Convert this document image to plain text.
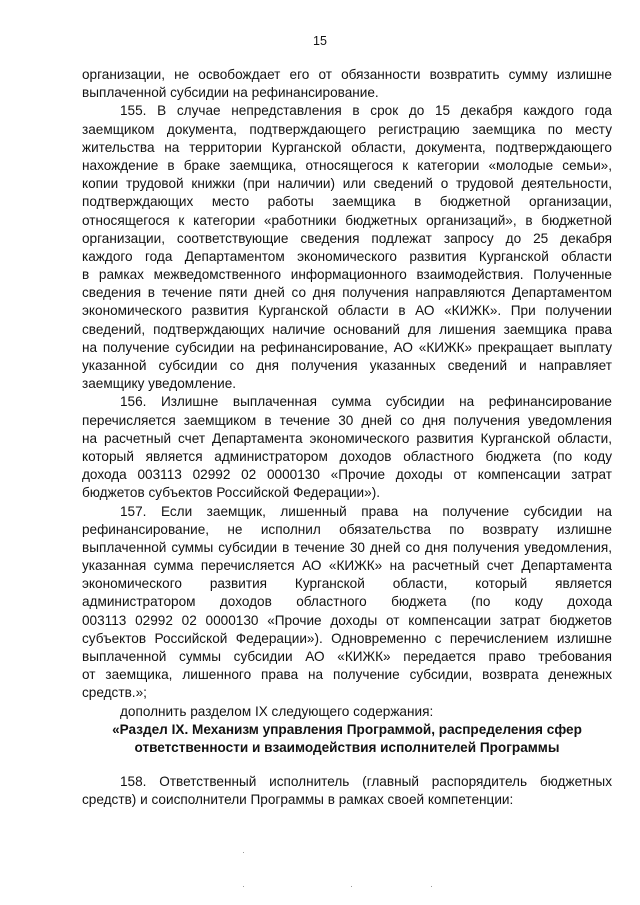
15
организации, не освобождает его от обязанности возвратить сумму излишне
выплаченной субсидии на рефинансирование.
155. В случае непредставления в срок до 15 декабря каждого года
заемщиком документа, подтверждающего регистрацию заемщика по месту
жительства на территории Курганской области, документа, подтверждающего
нахождение в браке заемщика, относящегося к категории «молодые семьи»,
копии трудовой книжки (при наличии) или сведений о трудовой деятельности,
подтверждающих место работы заемщика в бюджетной организации,
относящегося к категории «работники бюджетных организаций», в бюджетной
организации, соответствующие сведения подлежат запросу до 25 декабря
каждого года Департаментом экономического развития Курганской области
в рамках межведомственного информационного взаимодействия. Полученные
сведения в течение пяти дней со дня получения направляются Департаментом
экономического развития Курганской области в АО «КИЖК». При получении
сведений, подтверждающих наличие оснований для лишения заемщика права
на получение субсидии на рефинансирование, АО «КИЖК» прекращает выплату
указанной субсидии со дня получения указанных сведений и направляет
заемщику уведомление.
156. Излишне выплаченная сумма субсидии на рефинансирование
перечисляется заемщиком в течение 30 дней со дня получения уведомления
на расчетный счет Департамента экономического развития Курганской области,
который является администратором доходов областного бюджета (по коду
дохода 003113 02992 02 0000130 «Прочие доходы от компенсации затрат
бюджетов субъектов Российской Федерации»).
157. Если заемщик, лишенный права на получение субсидии на
рефинансирование, не исполнил обязательства по возврату излишне
выплаченной суммы субсидии в течение 30 дней со дня получения уведомления,
указанная сумма перечисляется АО «КИЖК» на расчетный счет Департамента
экономического развития Курганской области, который является
администратором доходов областного бюджета (по коду дохода
003113 02992 02 0000130 «Прочие доходы от компенсации затрат бюджетов
субъектов Российской Федерации»). Одновременно с перечислением излишне
выплаченной суммы субсидии АО «КИЖК» передается право требования
от заемщика, лишенного права на получение субсидии, возврата денежных
средств.»;
дополнить разделом IX следующего содержания:
«Раздел IX. Механизм управления Программой, распределения сфер
ответственности и взаимодействия исполнителей Программы
158. Ответственный исполнитель (главный распорядитель бюджетных
средств) и соисполнители Программы в рамках своей компетенции:
